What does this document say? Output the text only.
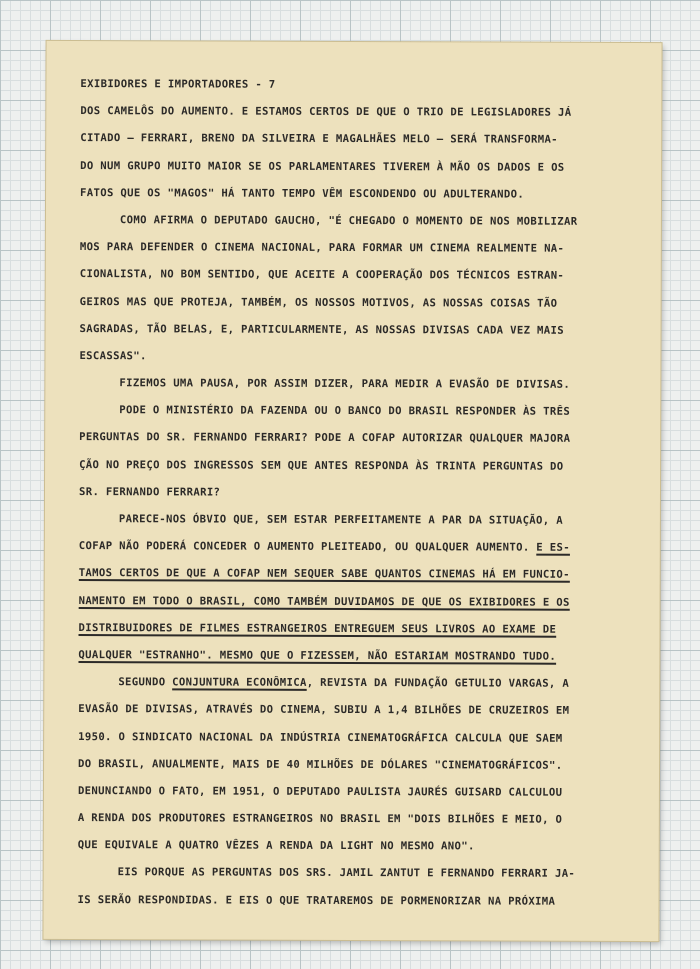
EXIBIDORES E IMPORTADORES - 7
DOS CAMELÔS DO AUMENTO. E ESTAMOS CERTOS DE QUE O TRIO DE LEGISLADORES JÁ
CITADO — FERRARI, BRENO DA SILVEIRA E MAGALHÃES MELO — SERÁ TRANSFORMA-
DO NUM GRUPO MUITO MAIOR SE OS PARLAMENTARES TIVEREM À MÃO OS DADOS E OS
FATOS QUE OS "MAGOS" HÁ TANTO TEMPO VÊM ESCONDENDO OU ADULTERANDO.
COMO AFIRMA O DEPUTADO GAUCHO, "É CHEGADO O MOMENTO DE NOS MOBILIZAR
MOS PARA DEFENDER O CINEMA NACIONAL, PARA FORMAR UM CINEMA REALMENTE NA-
CIONALISTA, NO BOM SENTIDO, QUE ACEITE A COOPERAÇÃO DOS TÉCNICOS ESTRAN-
GEIROS MAS QUE PROTEJA, TAMBÉM, OS NOSSOS MOTIVOS, AS NOSSAS COISAS TÃO
SAGRADAS, TÃO BELAS, E, PARTICULARMENTE, AS NOSSAS DIVISAS CADA VEZ MAIS
ESCASSAS".
FIZEMOS UMA PAUSA, POR ASSIM DIZER, PARA MEDIR A EVASÃO DE DIVISAS.
PODE O MINISTÉRIO DA FAZENDA OU O BANCO DO BRASIL RESPONDER ÀS TRÊS
PERGUNTAS DO SR. FERNANDO FERRARI? PODE A COFAP AUTORIZAR QUALQUER MAJORA
ÇÃO NO PREÇO DOS INGRESSOS SEM QUE ANTES RESPONDA ÀS TRINTA PERGUNTAS DO
SR. FERNANDO FERRARI?
PARECE-NOS ÓBVIO QUE, SEM ESTAR PERFEITAMENTE A PAR DA SITUAÇÃO, A
COFAP NÃO PODERÁ CONCEDER O AUMENTO PLEITEADO, OU QUALQUER AUMENTO. E ES-
TAMOS CERTOS DE QUE A COFAP NEM SEQUER SABE QUANTOS CINEMAS HÁ EM FUNCIO-
NAMENTO EM TODO O BRASIL, COMO TAMBÉM DUVIDAMOS DE QUE OS EXIBIDORES E OS
DISTRIBUIDORES DE FILMES ESTRANGEIROS ENTREGUEM SEUS LIVROS AO EXAME DE
QUALQUER "ESTRANHO". MESMO QUE O FIZESSEM, NÃO ESTARIAM MOSTRANDO TUDO.
SEGUNDO CONJUNTURA ECONÔMICA, REVISTA DA FUNDAÇÃO GETULIO VARGAS, A
EVASÃO DE DIVISAS, ATRAVÉS DO CINEMA, SUBIU A 1,4 BILHÕES DE CRUZEIROS EM
1950. O SINDICATO NACIONAL DA INDÚSTRIA CINEMATOGRÁFICA CALCULA QUE SAEM
DO BRASIL, ANUALMENTE, MAIS DE 40 MILHÕES DE DÓLARES "CINEMATOGRÁFICOS".
DENUNCIANDO O FATO, EM 1951, O DEPUTADO PAULISTA JAURÉS GUISARD CALCULOU
A RENDA DOS PRODUTORES ESTRANGEIROS NO BRASIL EM "DOIS BILHÕES E MEIO, O
QUE EQUIVALE A QUATRO VÊZES A RENDA DA LIGHT NO MESMO ANO".
EIS PORQUE AS PERGUNTAS DOS SRS. JAMIL ZANTUT E FERNANDO FERRARI JA-
IS SERÃO RESPONDIDAS. E EIS O QUE TRATAREMOS DE PORMENORIZAR NA PRÓXIMA
